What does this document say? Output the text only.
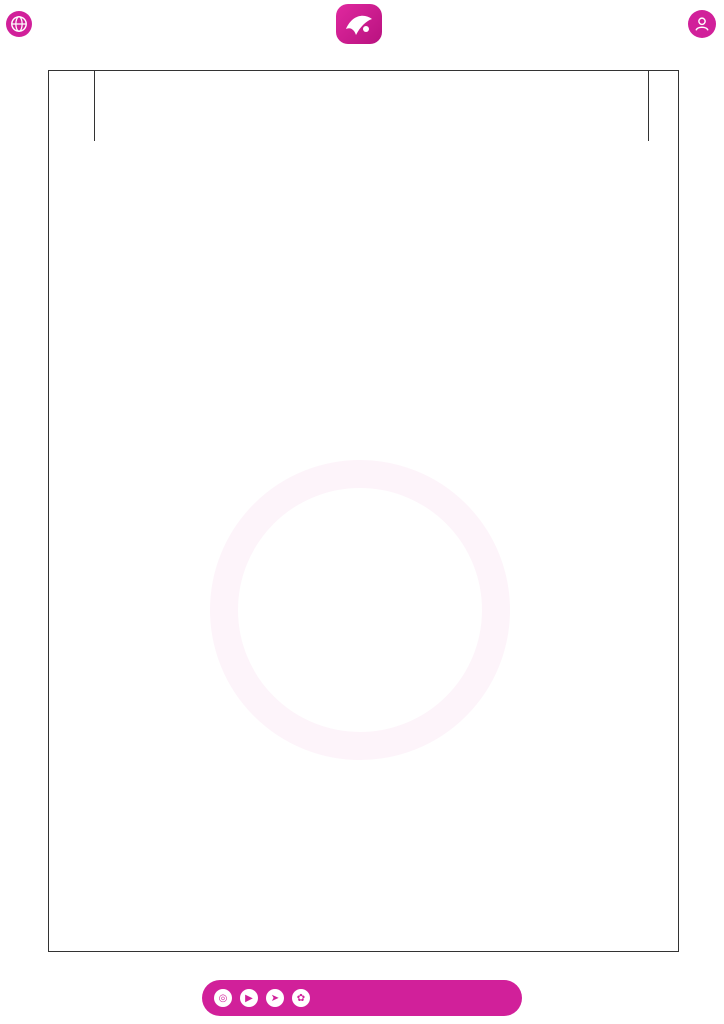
◎	▶	➤	✿
